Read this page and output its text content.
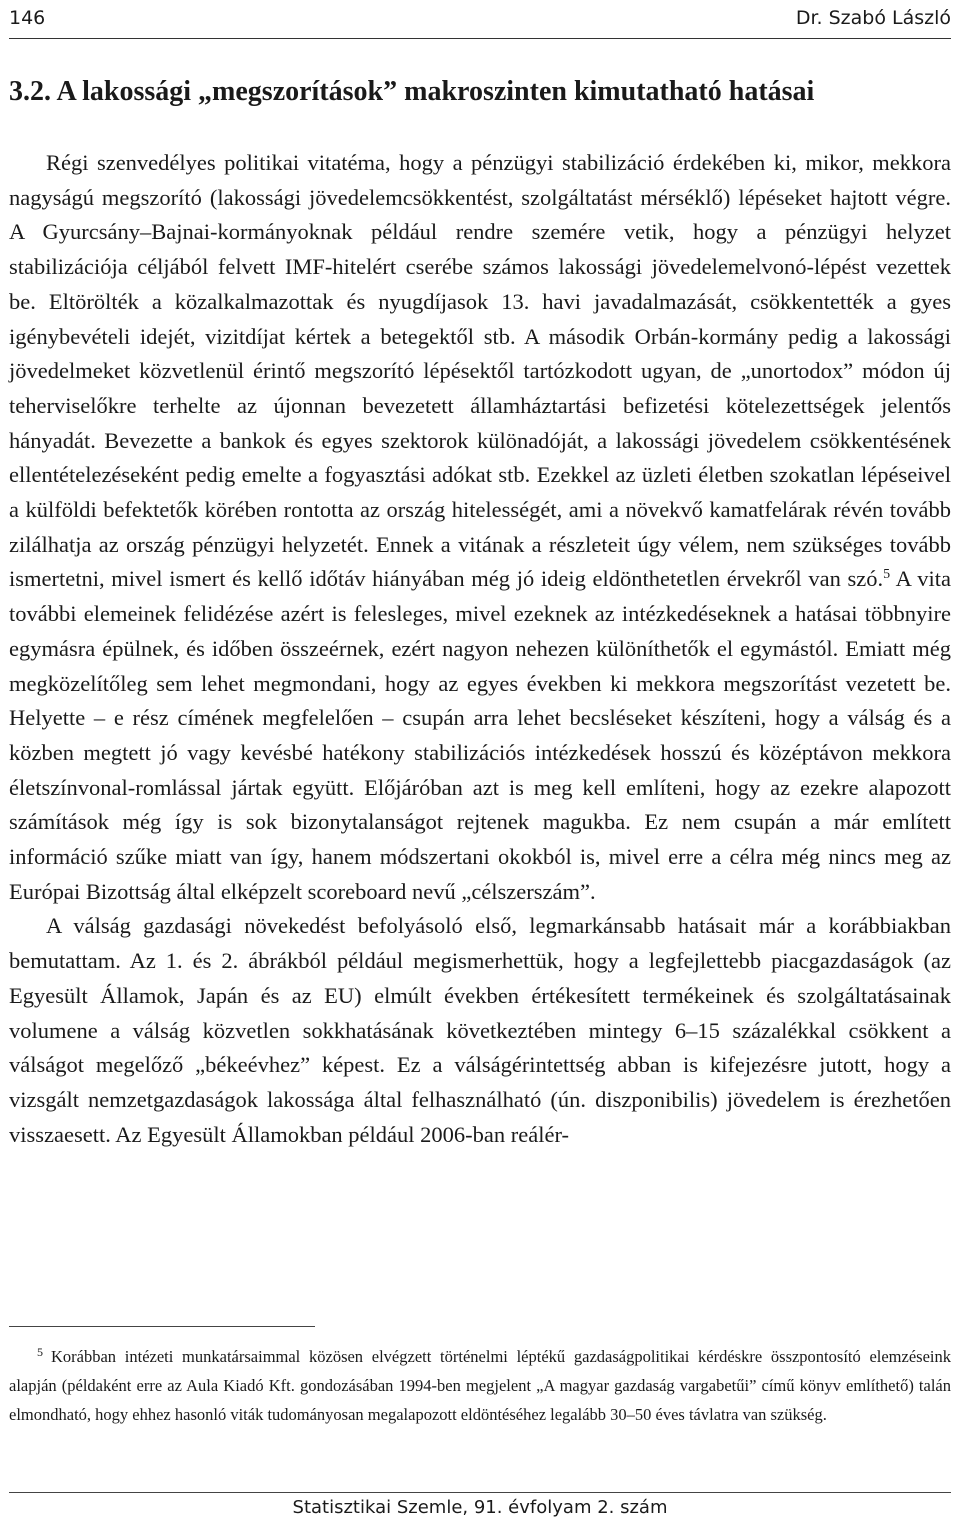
146	Dr. Szabó László
3.2. A lakossági „megszorítások” makroszinten kimutatható hatásai

Régi szenvedélyes politikai vitatéma, hogy a pénzügyi stabilizáció érdekében ki, mikor, mekkora nagyságú megszorító (lakossági jövedelemcsökkentést, szolgáltatást mérséklő) lépéseket hajtott végre. A Gyurcsány–Bajnai-kormányoknak például rendre szemére vetik, hogy a pénzügyi helyzet stabilizációja céljából felvett IMF-hitelért cserébe számos lakossági jövedelemelvonó-lépést vezettek be. Eltörölték a közalkalmazottak és nyugdíjasok 13. havi javadalmazását, csökkentették a gyes igénybevételi idejét, vizitdíjat kértek a betegektől stb. A második Orbán-kormány pedig a lakossági jövedelmeket közvetlenül érintő megszorító lépésektől tartózkodott ugyan, de „unortodox” módon új teherviselőkre terhelte az újonnan bevezetett államháztartási befizetési kötelezettségek jelentős hányadát. Bevezette a bankok és egyes szektorok különadóját, a lakossági jövedelem csökkentésének ellentételezéseként pedig emelte a fogyasztási adókat stb. Ezekkel az üzleti életben szokatlan lépéseivel a külföldi befektetők körében rontotta az ország hitelességét, ami a növekvő kamatfelárak révén tovább zilálhatja az ország pénzügyi helyzetét. Ennek a vitának a részleteit úgy vélem, nem szükséges tovább ismertetni, mivel ismert és kellő időtáv hiányában még jó ideig eldönthetetlen érvekről van szó.$^5$ A vita további elemeinek felidézése azért is felesleges, mivel ezeknek az intézkedéseknek a hatásai többnyire egymásra épülnek, és időben összeérnek, ezért nagyon nehezen különíthetők el egymástól. Emiatt még megközelítőleg sem lehet megmondani, hogy az egyes években ki mekkora megszorítást vezetett be. Helyette – e rész címének megfelelően – csupán arra lehet becsléseket készíteni, hogy a válság és a közben megtett jó vagy kevésbé hatékony stabilizációs intézkedések hosszú és középtávon mekkora életszínvonal-romlással jártak együtt. Előjáróban azt is meg kell említeni, hogy az ezekre alapozott számítások még így is sok bizonytalanságot rejtenek magukba. Ez nem csupán a már említett információ szűke miatt van így, hanem módszertani okokból is, mivel erre a célra még nincs meg az Európai Bizottság által elképzelt scoreboard nevű „célszerszám”.

A válság gazdasági növekedést befolyásoló első, legmarkánsabb hatásait már a korábbiakban bemutattam. Az 1. és 2. ábrákból például megismerhettük, hogy a legfejlettebb piacgazdaságok (az Egyesült Államok, Japán és az EU) elmúlt években értékesített termékeinek és szolgáltatásainak volumene a válság közvetlen sokkhatásának következtében mintegy 6–15 százalékkal csökkent a válságot megelőző „békeévhez” képest. Ez a válságérintettség abban is kifejezésre jutott, hogy a vizsgált nemzetgazdaságok lakossága által felhasználható (ún. diszponibilis) jövedelem is érezhetően visszaesett. Az Egyesült Államokban például 2006-ban reálér-

$^5$ Korábban intézeti munkatársaimmal közösen elvégzett történelmi léptékű gazdaságpolitikai kérdéskre összpontosító elemzéseink alapján (példaként erre az Aula Kiadó Kft. gondozásában 1994-ben megjelent „A magyar gazdaság vargabetűi” című könyv említhető) talán elmondható, hogy ehhez hasonló viták tudományosan megalapozott eldöntéséhez legalább 30–50 éves távlatra van szükség.

Statisztikai Szemle, 91. évfolyam 2. szám
